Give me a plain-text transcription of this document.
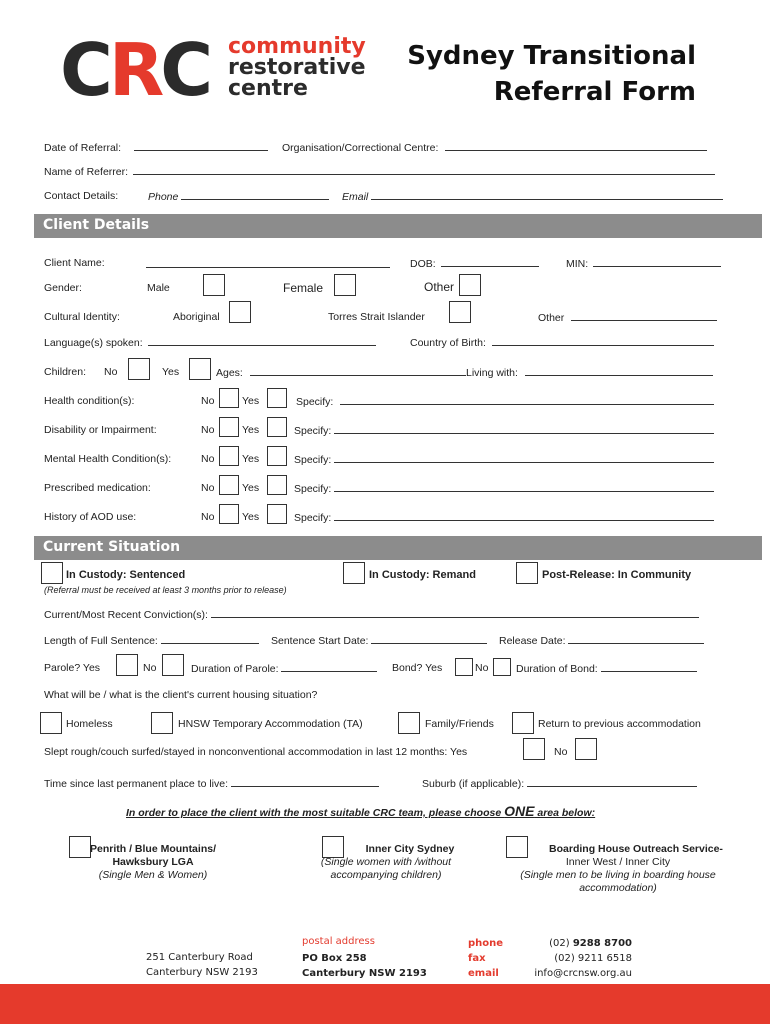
CRC community
restorative
centre
Sydney Transitional
Referral Form
Date of Referral:	Organisation/Correctional Centre:
Name of Referrer:
Contact Details:	Phone	Email
Client Details
Client Name:	DOB:	MIN:
Gender:	Male	Female	Other
Cultural Identity:	Aboriginal	Torres Strait Islander	Other
Language(s) spoken:	Country of Birth:
Children: No	Yes	Ages:	Living with:
Health condition(s):	No	Yes	Specify:
Disability or Impairment:	No	Yes	Specify:
Mental Health Condition(s):	No	Yes	Specify:
Prescribed medication:	No	Yes	Specify:
History of AOD use:	No	Yes	Specify:
Current Situation
In Custody: Sentenced	In Custody: Remand	Post-Release: In Community
(Referral must be received at least 3 months prior to release)
Current/Most Recent Conviction(s):
Length of Full Sentence:	Sentence Start Date:	Release Date:
Parole? Yes	No	Duration of Parole:	Bond? Yes	No	Duration of Bond:
What will be / what is the client's current housing situation?
Homeless	HNSW Temporary Accommodation (TA)	Family/Friends	Return to previous accommodation
Slept rough/couch surfed/stayed in nonconventional accommodation in last 12 months: Yes	No
Time since last permanent place to live:	Suburb (if applicable):
In order to place the client with the most suitable CRC team, please choose ONE area below:
Penrith / Blue Mountains/
Hawksbury LGA
(Single Men & Women)
Inner City Sydney
(Single women with /without
accompanying children)
Boarding House Outreach Service-
Inner West / Inner City
(Single men to be living in boarding house
accommodation)
251 Canterbury Road
Canterbury NSW 2193
postal address
PO Box 258
Canterbury NSW 2193
phone
fax
email
(02) 9288 8700
(02) 9211 6518
info@crcnsw.org.au
